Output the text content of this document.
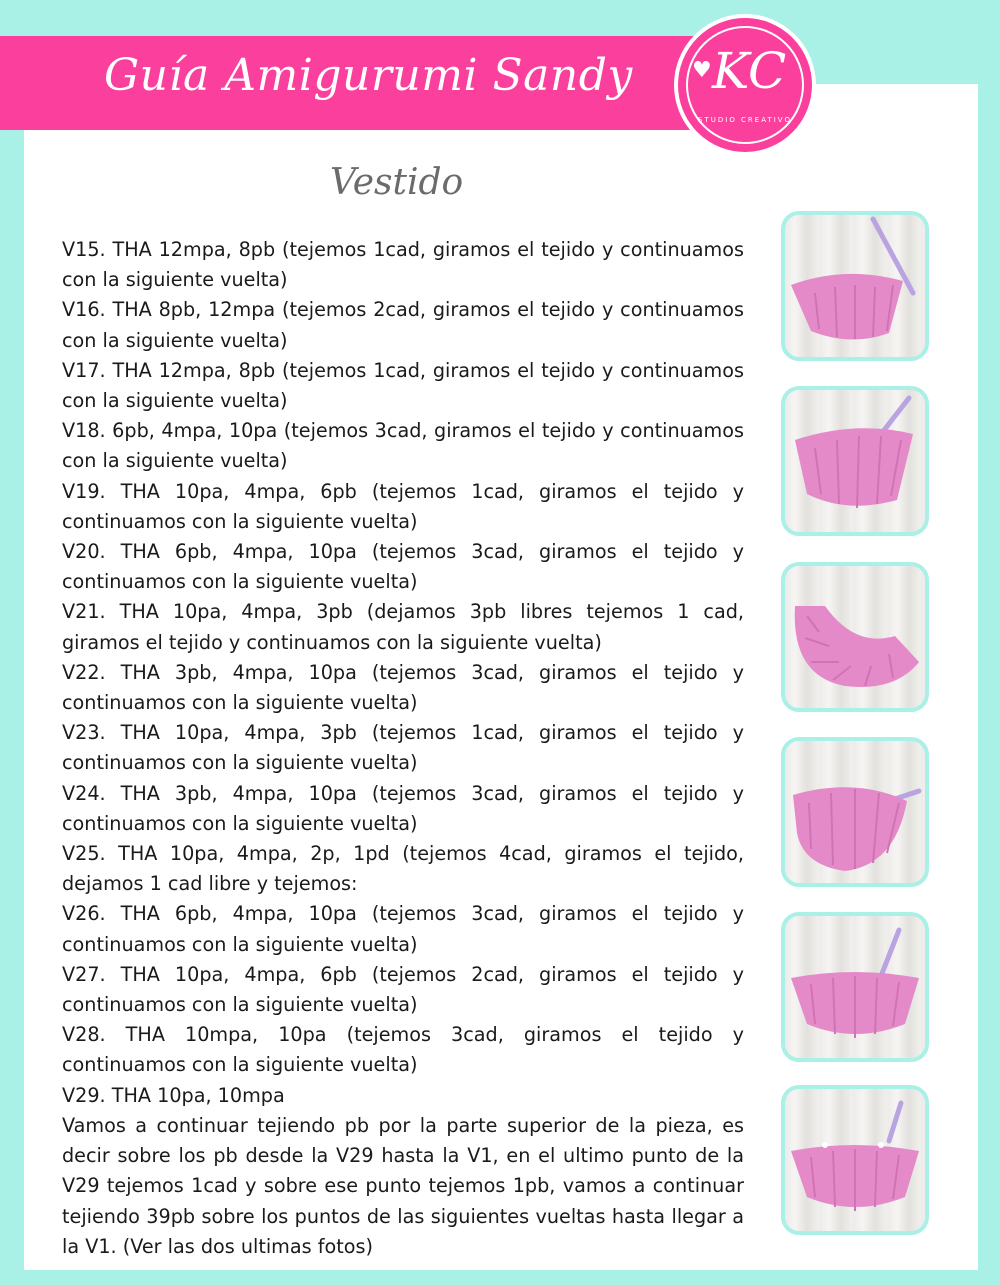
Guía Amigurumi Sandy	♥ KC
STUDIO CREATIVO
Vestido

V15. THA 12mpa, 8pb (tejemos 1cad, giramos el tejido y continuamos con la siguiente vuelta)

V16. THA 8pb, 12mpa (tejemos 2cad, giramos el tejido y continuamos con la siguiente vuelta)

V17. THA 12mpa, 8pb (tejemos 1cad, giramos el tejido y continuamos con la siguiente vuelta)

V18. 6pb, 4mpa, 10pa (tejemos 3cad, giramos el tejido y continuamos con la siguiente vuelta)

V19. THA 10pa, 4mpa, 6pb (tejemos 1cad, giramos el tejido y continuamos con la siguiente vuelta)

V20. THA 6pb, 4mpa, 10pa (tejemos 3cad, giramos el tejido y continuamos con la siguiente vuelta)

V21. THA 10pa, 4mpa, 3pb (dejamos 3pb libres tejemos 1 cad, giramos el tejido y continuamos con la siguiente vuelta)

V22. THA 3pb, 4mpa, 10pa (tejemos 3cad, giramos el tejido y continuamos con la siguiente vuelta)

V23. THA 10pa, 4mpa, 3pb (tejemos 1cad, giramos el tejido y continuamos con la siguiente vuelta)

V24. THA 3pb, 4mpa, 10pa (tejemos 3cad, giramos el tejido y continuamos con la siguiente vuelta)

V25. THA 10pa, 4mpa, 2p, 1pd (tejemos 4cad, giramos el tejido, dejamos 1 cad libre y tejemos:

V26. THA 6pb, 4mpa, 10pa (tejemos 3cad, giramos el tejido y continuamos con la siguiente vuelta)

V27. THA 10pa, 4mpa, 6pb (tejemos 2cad, giramos el tejido y continuamos con la siguiente vuelta)

V28. THA 10mpa, 10pa (tejemos 3cad, giramos el tejido y continuamos con la siguiente vuelta)

V29. THA 10pa, 10mpa

Vamos a continuar tejiendo pb por la parte superior de la pieza, es decir sobre los pb desde la V29 hasta la V1, en el ultimo punto de la V29 tejemos 1cad y sobre ese punto tejemos 1pb, vamos a continuar tejiendo 39pb sobre los puntos de las siguientes vueltas hasta llegar a la V1. (Ver las dos ultimas fotos)
